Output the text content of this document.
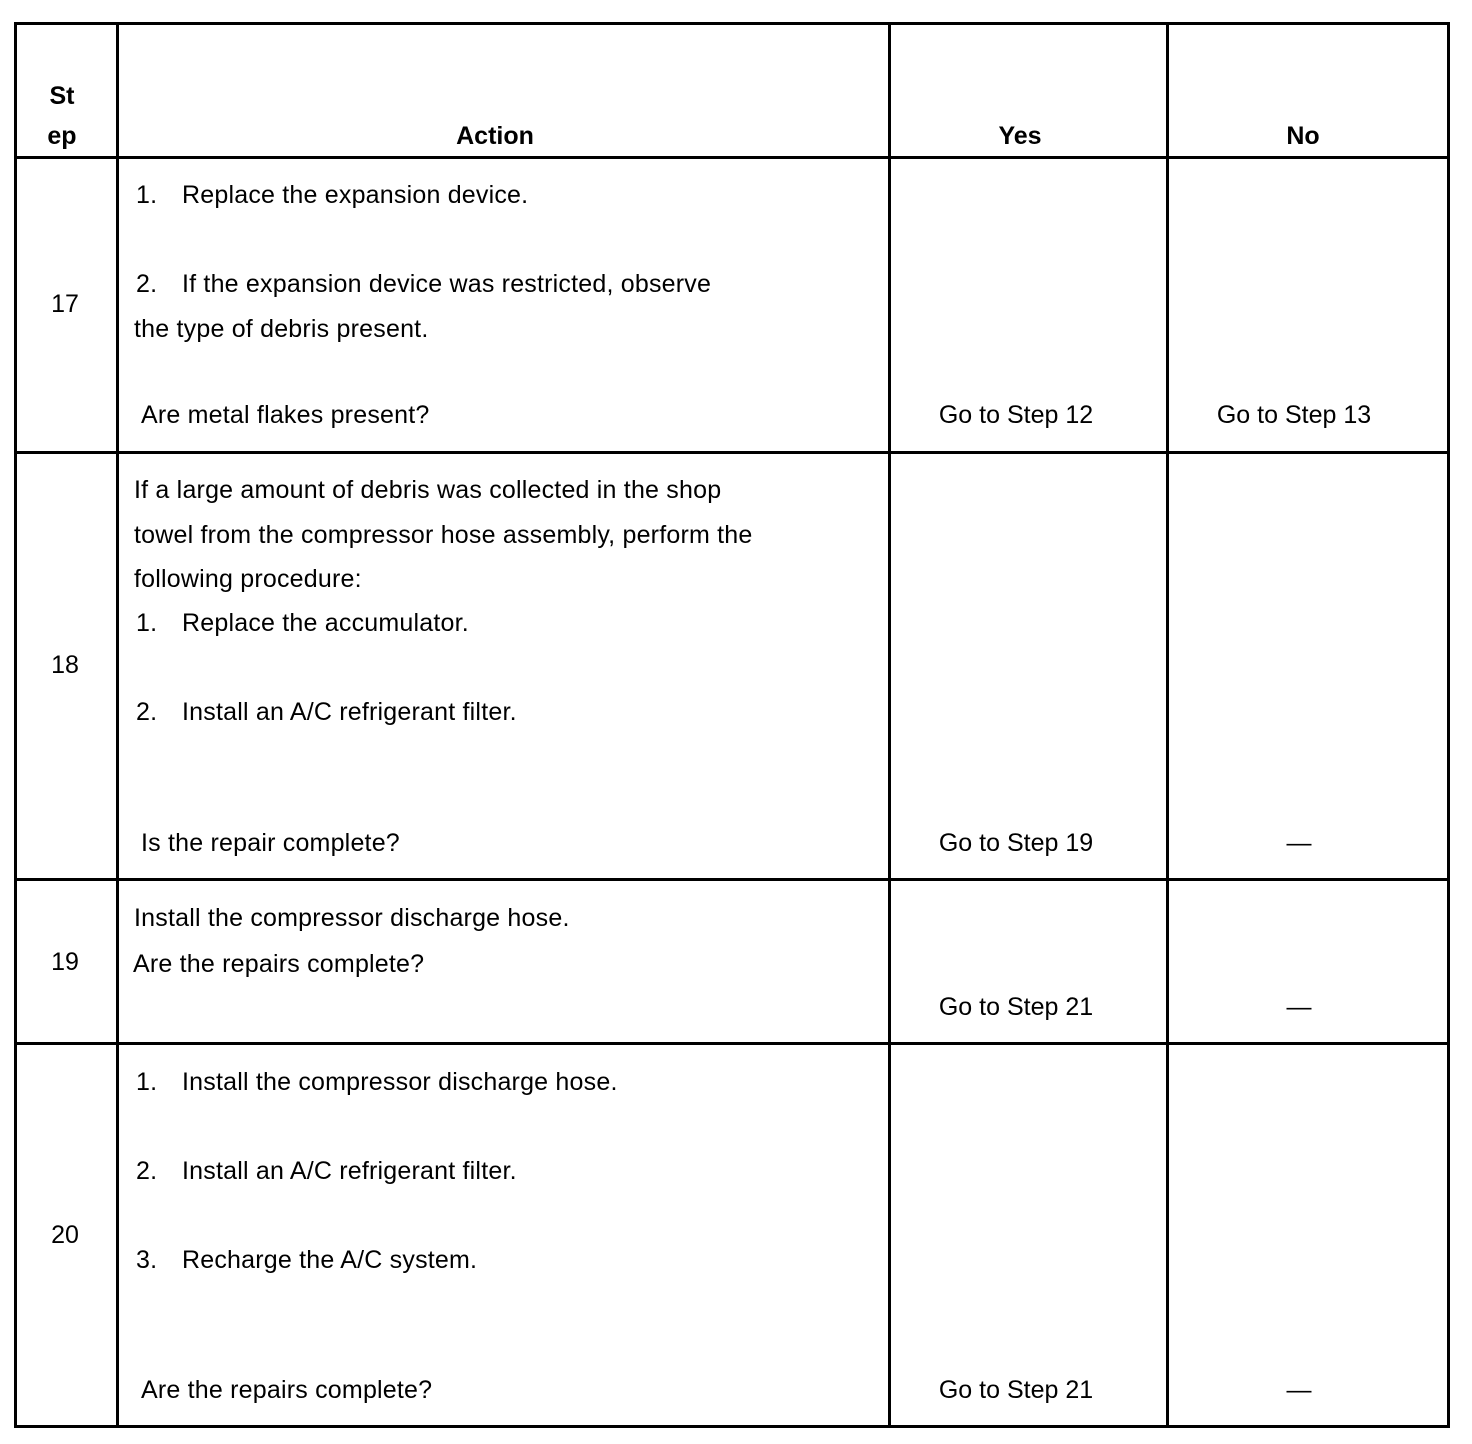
St
ep	Action	Yes	No
17
1. Replace the expansion device.
2. If the expansion device was restricted, observe
the type of debris present.
Are metal flakes present?	Go to Step 12	Go to Step 13
18
If a large amount of debris was collected in the shop
towel from the compressor hose assembly, perform the
following procedure:
1. Replace the accumulator.
2. Install an A/C refrigerant filter.
Is the repair complete?	Go to Step 19	—
19
Install the compressor discharge hose.
Are the repairs complete?
Go to Step 21	—
20
1. Install the compressor discharge hose.
2. Install an A/C refrigerant filter.
3. Recharge the A/C system.
Are the repairs complete?	Go to Step 21	—
